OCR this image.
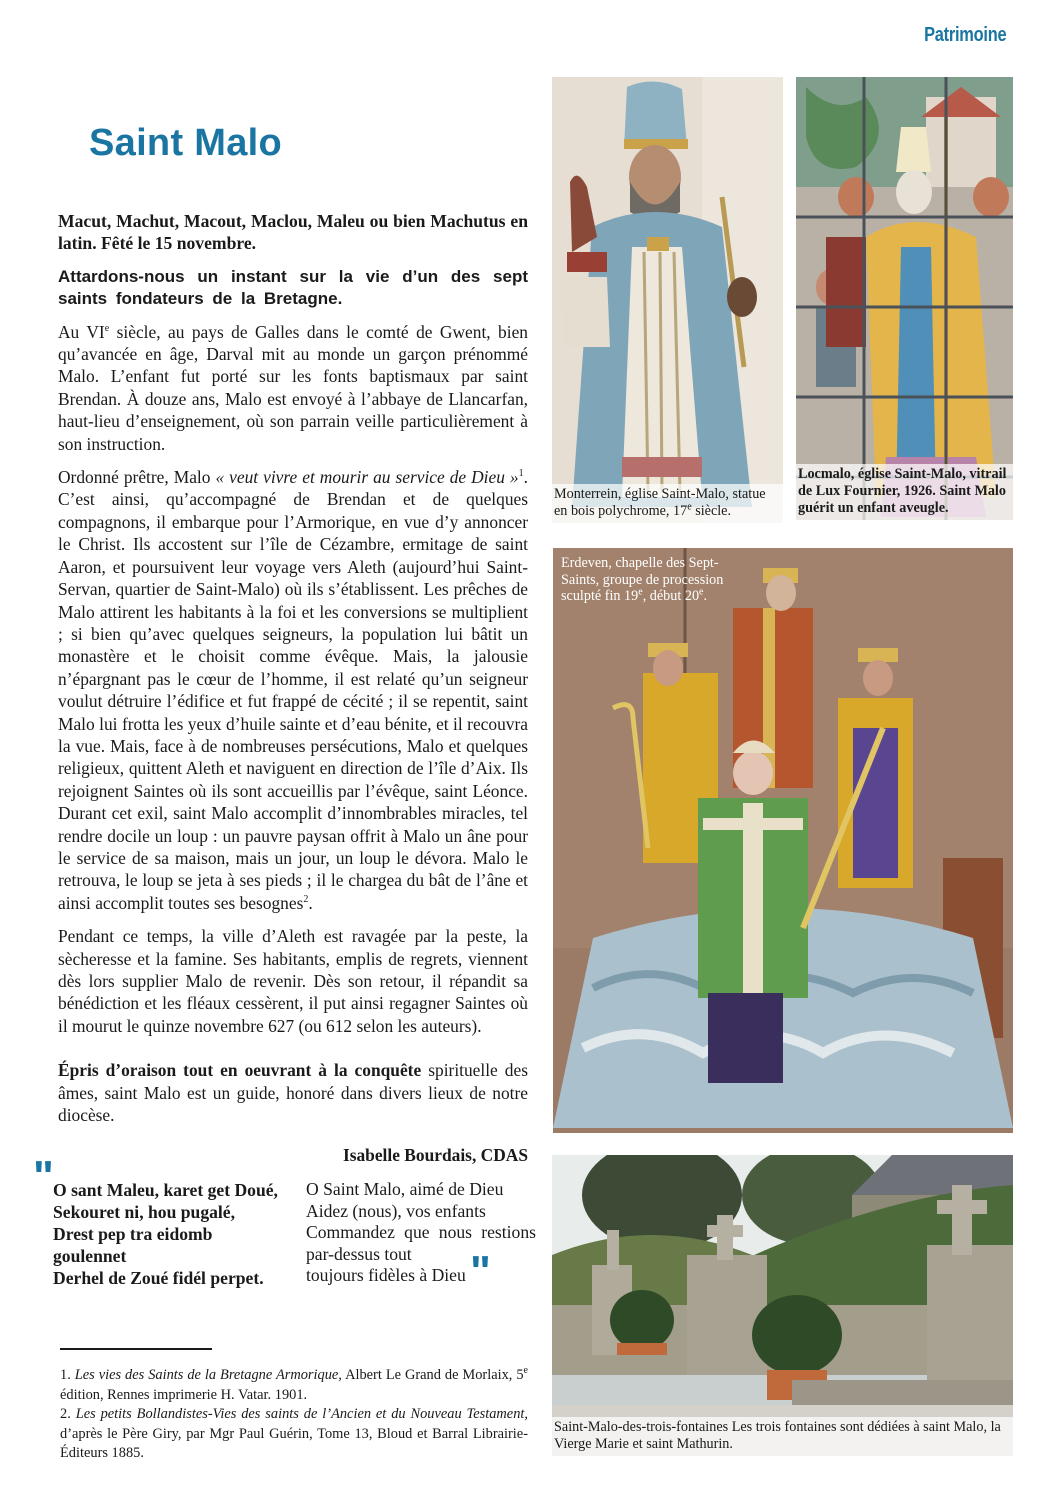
Patrimoine
Saint Malo

Macut, Machut, Macout, Maclou, Maleu ou bien Machutus en latin. Fêté le 15 novembre.

Attardons-nous un instant sur la vie d’un des sept saints fondateurs de la Bretagne.

Au VIe siècle, au pays de Galles dans le comté de Gwent, bien qu’avancée en âge, Darval mit au monde un garçon prénommé Malo. L’enfant fut porté sur les fonts baptismaux par saint Brendan. À douze ans, Malo est envoyé à l’abbaye de Llancarfan, haut-lieu d’enseignement, où son parrain veille particulièrement à son instruction.

Ordonné prêtre, Malo « veut vivre et mourir au service de Dieu »$^1$. C’est ainsi, qu’accompagné de Brendan et de quelques compagnons, il embarque pour l’Armorique, en vue d’y annoncer le Christ. Ils accostent sur l’île de Cézambre, ermitage de saint Aaron, et poursuivent leur voyage vers Aleth (aujourd’hui Saint-Servan, quartier de Saint-Malo) où ils s’établissent. Les prêches de Malo attirent les habitants à la foi et les conversions se multiplient ; si bien qu’avec quelques seigneurs, la population lui bâtit un monastère et le choisit comme évêque. Mais, la jalousie n’épargnant pas le cœur de l’homme, il est relaté qu’un seigneur voulut détruire l’édifice et fut frappé de cécité ; il se repentit, saint Malo lui frotta les yeux d’huile sainte et d’eau bénite, et il recouvra la vue. Mais, face à de nombreuses persécutions, Malo et quelques religieux, quittent Aleth et naviguent en direction de l’île d’Aix. Ils rejoignent Saintes où ils sont accueillis par l’évêque, saint Léonce. Durant cet exil, saint Malo accomplit d’innombrables miracles, tel rendre docile un loup : un pauvre paysan offrit à Malo un âne pour le service de sa maison, mais un jour, un loup le dévora. Malo le retrouva, le loup se jeta à ses pieds ; il le chargea du bât de l’âne et ainsi accomplit toutes ses besognes$^2$.

Pendant ce temps, la ville d’Aleth est ravagée par la peste, la sècheresse et la famine. Ses habitants, emplis de regrets, viennent dès lors supplier Malo de revenir. Dès son retour, il répandit sa bénédiction et les fléaux cessèrent, il put ainsi regagner Saintes où il mourut le quinze novembre 627 (ou 612 selon les auteurs).

Épris d’oraison tout en oeuvrant à la conquête spirituelle des âmes, saint Malo est un guide, honoré dans divers lieux de notre diocèse.

Isabelle Bourdais, CDAS

" O sant Maleu, karet get Doué,
Sekouret ni, hou pugalé,
Drest pep tra eidomb
goulennet
Derhel de Zoué fidél perpet.
O Saint Malo, aimé de Dieu
Aidez (nous), vos enfants
Commandez que nous restions
par-dessus tout
toujours fidèles à Dieu "

1. Les vies des Saints de la Bretagne Armorique, Albert Le Grand de Morlaix, 5e édition, Rennes imprimerie H. Vatar. 1901.

2. Les petits Bollandistes-Vies des saints de l’Ancien et du Nouveau Testament, d’après le Père Giry, par Mgr Paul Guérin, Tome 13, Bloud et Barral Librairie-Éditeurs 1885.

Monterrein, église Saint-Malo, statue en bois polychrome, 17e siècle.
Locmalo, église Saint-Malo, vitrail de Lux Fournier, 1926. Saint Malo guérit un enfant aveugle.
Erdeven, chapelle des Sept-Saints, groupe de procession sculpté fin 19e, début 20e.
Saint-Malo-des-trois-fontaines Les trois fontaines sont dédiées à saint Malo, la Vierge Marie et saint Mathurin.
